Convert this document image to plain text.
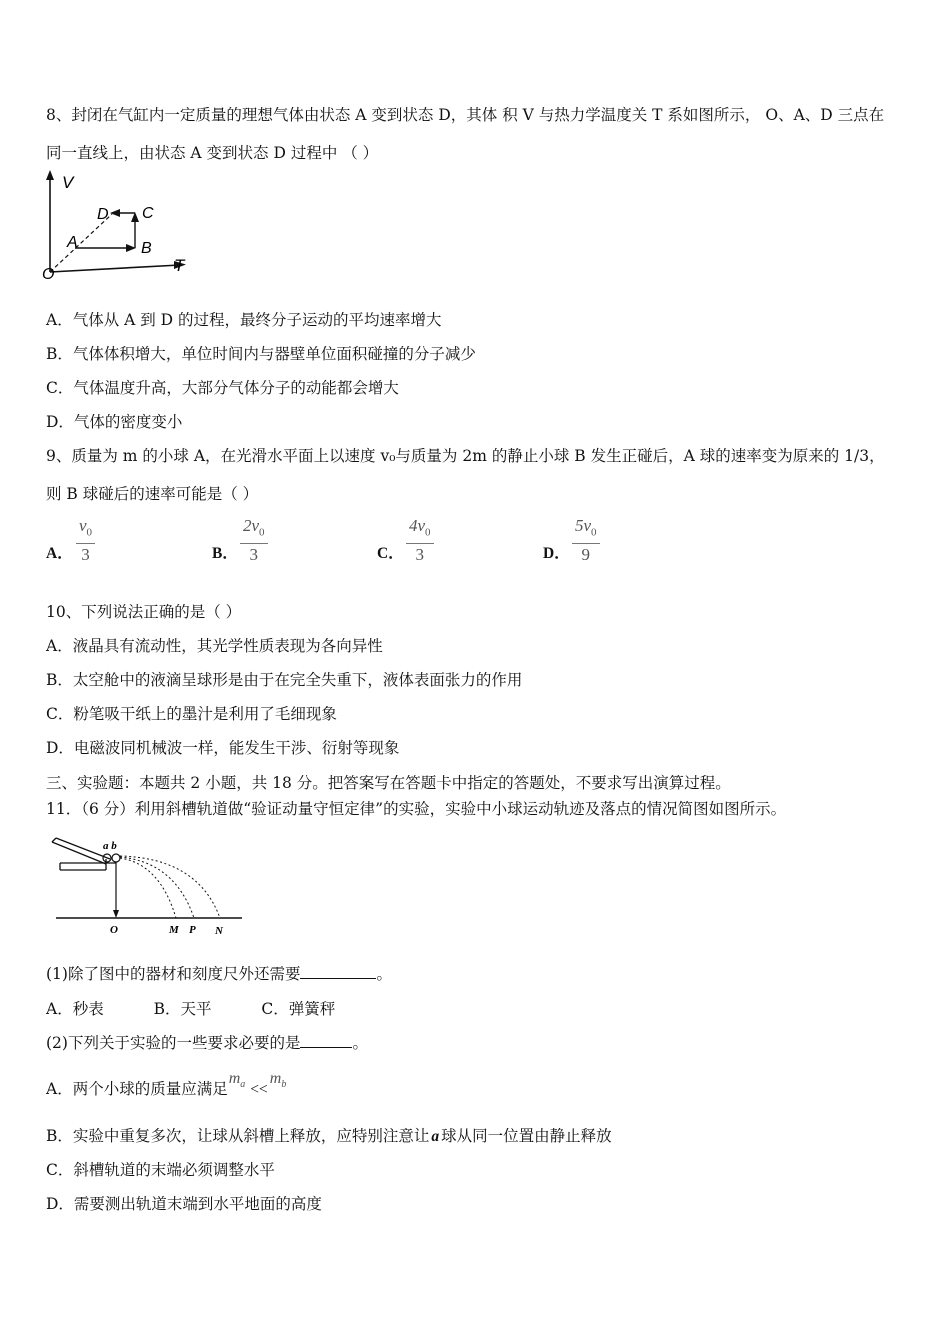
8、封闭在气缸内一定质量的理想气体由状态 A 变到状态 D，其体 积 V 与热力学温度关 T 系如图所示， O、A、D 三点在
同一直线上，由状态 A 变到状态 D 过程中 （ ）
V
T
O
A	B
C
D
A．气体从 A 到 D 的过程，最终分子运动的平均速率增大
B．气体体积增大，单位时间内与器壁单位面积碰撞的分子减少
C．气体温度升高，大部分气体分子的动能都会增大
D．气体的密度变小
9、质量为 m 的小球 A，在光滑水平面上以速度 v₀与质量为 2m 的静止小球 B 发生正碰后，A 球的速率变为原来的 1/3，
则 B 球碰后的速率可能是（ ）
A． $\frac{v_0}{3}$	B． $\frac{2v_0}{3}$	C． $\frac{4v_0}{3}$	D． $\frac{5v_0}{9}$
10、下列说法正确的是（ ）
A．液晶具有流动性，其光学性质表现为各向异性
B．太空舱中的液滴呈球形是由于在完全失重下，液体表面张力的作用
C．粉笔吸干纸上的墨汁是利用了毛细现象
D．电磁波同机械波一样，能发生干涉、衍射等现象
三、实验题：本题共 2 小题，共 18 分。把答案写在答题卡中指定的答题处，不要求写出演算过程。
11．（6 分）利用斜槽轨道做“验证动量守恒定律”的实验，实验中小球运动轨迹及落点的情况简图如图所示。
a b
O	M P N
(1)除了图中的器材和刻度尺外还需要	。
A．秒表	B．天平	C．弹簧秤
(2)下列关于实验的一些要求必要的是	。
A．两个小球的质量应满足$m_a <<m_b$
B．实验中重复多次，让球从斜槽上释放，应特别注意让 a 球从同一位置由静止释放
C．斜槽轨道的末端必须调整水平
D．需要测出轨道末端到水平地面的高度
